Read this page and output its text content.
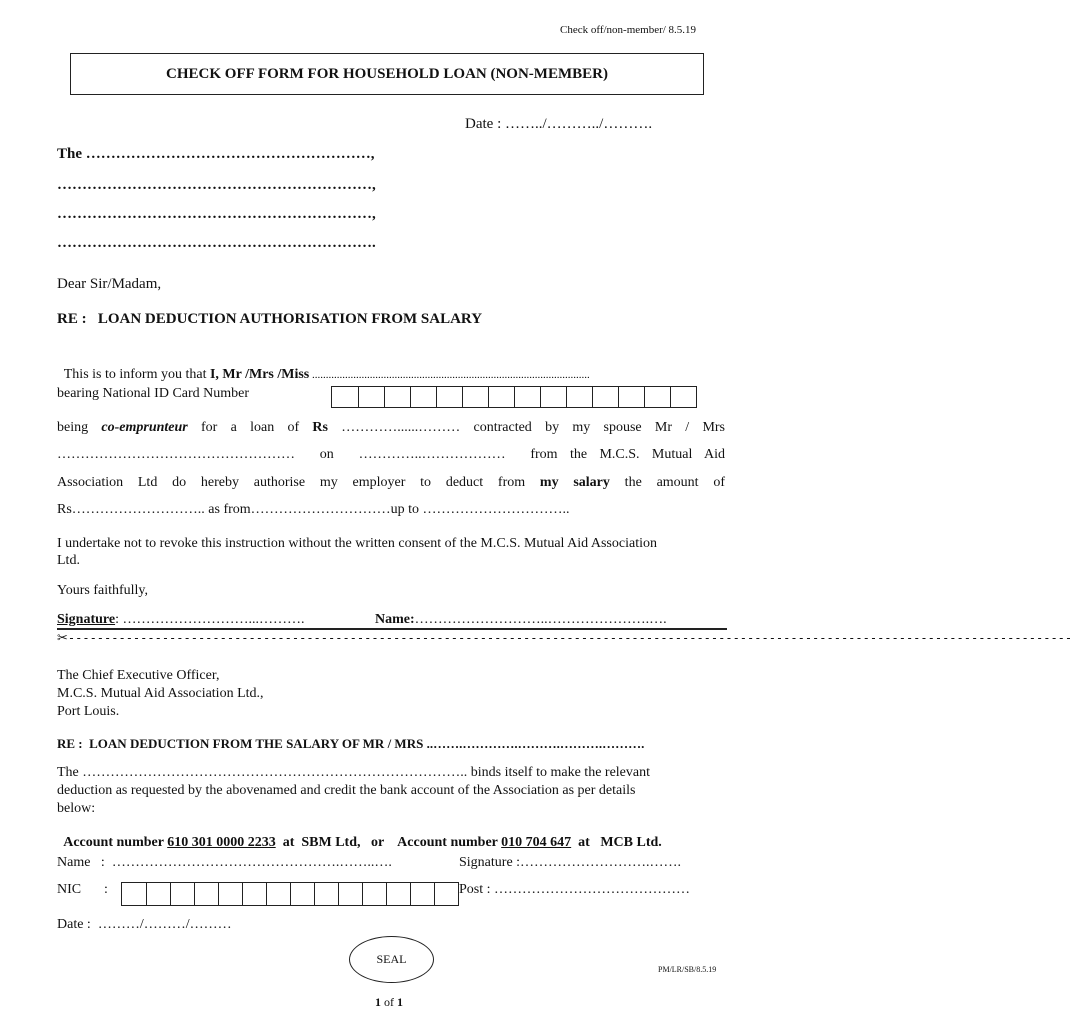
Check off/non-member/ 8.5.19
CHECK OFF FORM FOR HOUSEHOLD LOAN (NON-MEMBER)
Date : ……../………../……….
The …………………………………………………,
………………………………………………………,
………………………………………………………,
……………………………………………………….
Dear Sir/Madam,
RE :   LOAN DEDUCTION AUTHORISATION FROM SALARY

This is to inform you that I, Mr /Mrs /Miss .....................................................................................................

bearing National ID Card Number
being co-emprunteur for a loan of Rs …………......……… contracted by my spouse Mr / Mrs
……………………………………………  on  …………..………………  from the M.C.S. Mutual Aid
Association Ltd do hereby authorise my employer to deduct from my salary the amount of
Rs……………………….. as from…………………………up to …………………………..
I undertake not to revoke this instruction without the written consent of the M.C.S. Mutual Aid Association
Ltd.
Yours faithfully,
Signature: ………………………...……….	Name:………………………..………………….….
✂-------------------------------------------------------------------------------------------------------------------------------------------
The Chief Executive Officer,
M.C.S. Mutual Aid Association Ltd.,
Port Louis.
RE :  LOAN DEDUCTION FROM THE SALARY OF MR / MRS ..…….………….……….……….……….
The ……………………………………………………………………….. binds itself to make the relevant
deduction as requested by the abovenamed and credit the bank account of the Association as per details
below:

Account number 610 301 0000 2233  at  SBM Ltd,   or    Account number 010 704 647  at   MCB Ltd.

Name   :  ………………………………………….……..….	Signature :……………………….…….
NIC :	Post : ……………………………………
Date :  ………/………/………
SEAL
PM/LR/SB/8.5.19
1 of 1
